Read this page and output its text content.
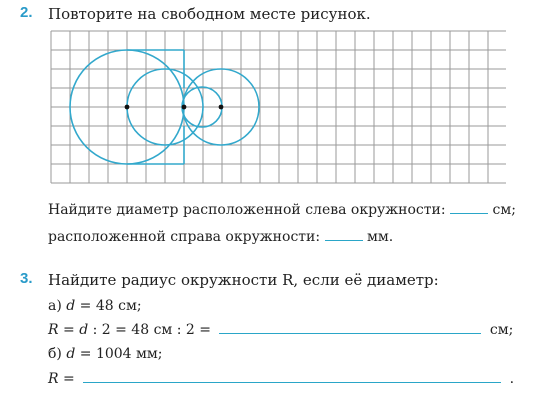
2. Повторите на свободном месте рисунок.
Найдите диаметр расположенной слева окружности:	см;
расположенной справа окружности:	мм.
3. Найдите радиус окружности R, если её диаметр:
а) d = 48 см;
R = d : 2 = 48 см : 2 =	см;
б) d = 1004 мм;
R =	.
